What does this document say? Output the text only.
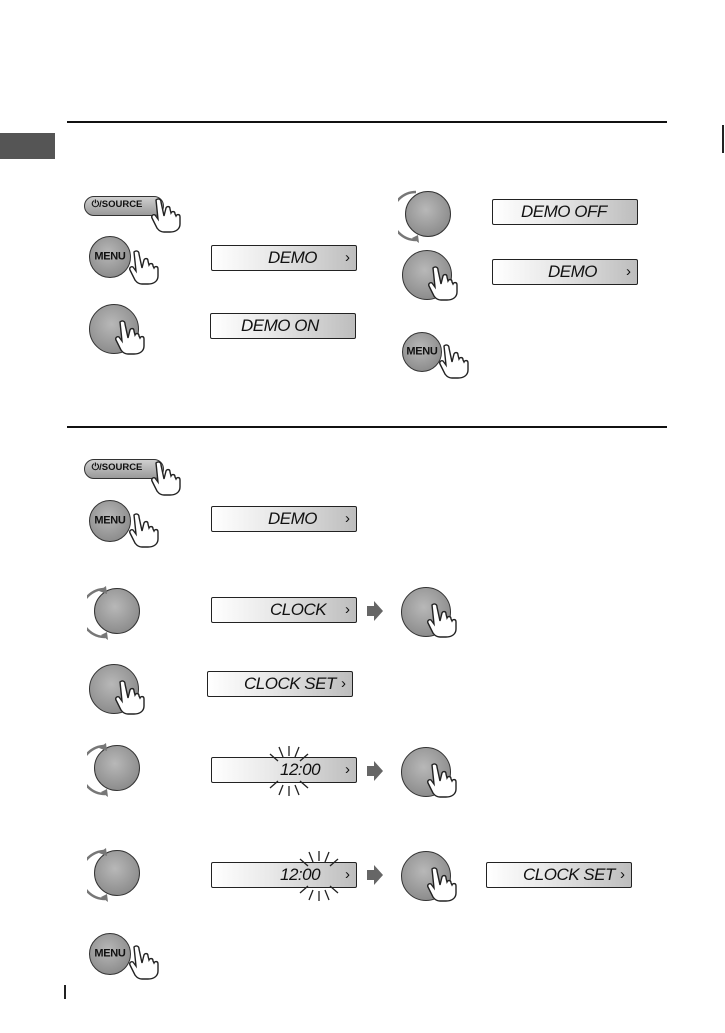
⏻/SOURCE
MENU	DEMO ›
DEMO ON
DEMO OFF
DEMO ›
MENU
⏻/SOURCE
MENU	DEMO ›
CLOCK ›
CLOCK SET ›
12:00 ›
12:00 ›	CLOCK SET ›
MENU
